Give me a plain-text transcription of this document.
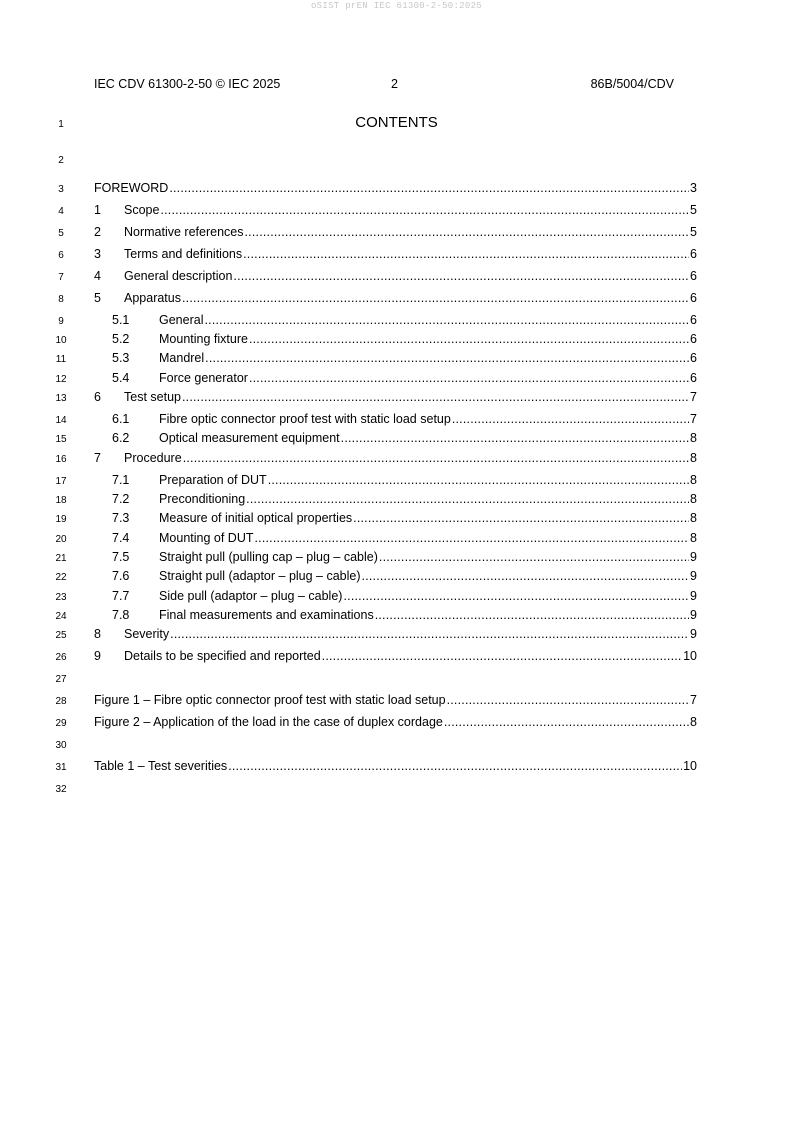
oSIST prEN IEC 61300-2-50:2025
IEC CDV 61300-2-50 © IEC 2025	2	86B/5004/CDV
CONTENTS
1
2
3
4
5
6
7
8
9
10
11
12
13
14
15
16
17
18
19
20
21
22
23
24
25
26
27
28
29
30
31
32
FOREWORD .....	3
1	Scope .....	5
2	Normative references .....	5
3	Terms and definitions .....	6
4	General description .....	6
5	Apparatus .....	6
5.1	General .....	6
5.2	Mounting fixture .....	6
5.3	Mandrel .....	6
5.4	Force generator .....	6
6	Test setup .....	7
6.1	Fibre optic connector proof test with static load setup .....	7
6.2	Optical measurement equipment .....	8
7	Procedure .....	8
7.1	Preparation of DUT .....	8
7.2	Preconditioning .....	8
7.3	Measure of initial optical properties .....	8
7.4	Mounting of DUT .....	8
7.5	Straight pull (pulling cap – plug – cable) .....	9
7.6	Straight pull (adaptor – plug – cable) .....	9
7.7	Side pull (adaptor – plug – cable) .....	9
7.8	Final measurements and examinations .....	9
8	Severity .....	9
9	Details to be specified and reported .....	10
Figure 1 – Fibre optic connector proof test with static load setup .....	7
Figure 2 – Application of the load in the case of duplex cordage .....	8
Table 1 – Test severities .....	10
